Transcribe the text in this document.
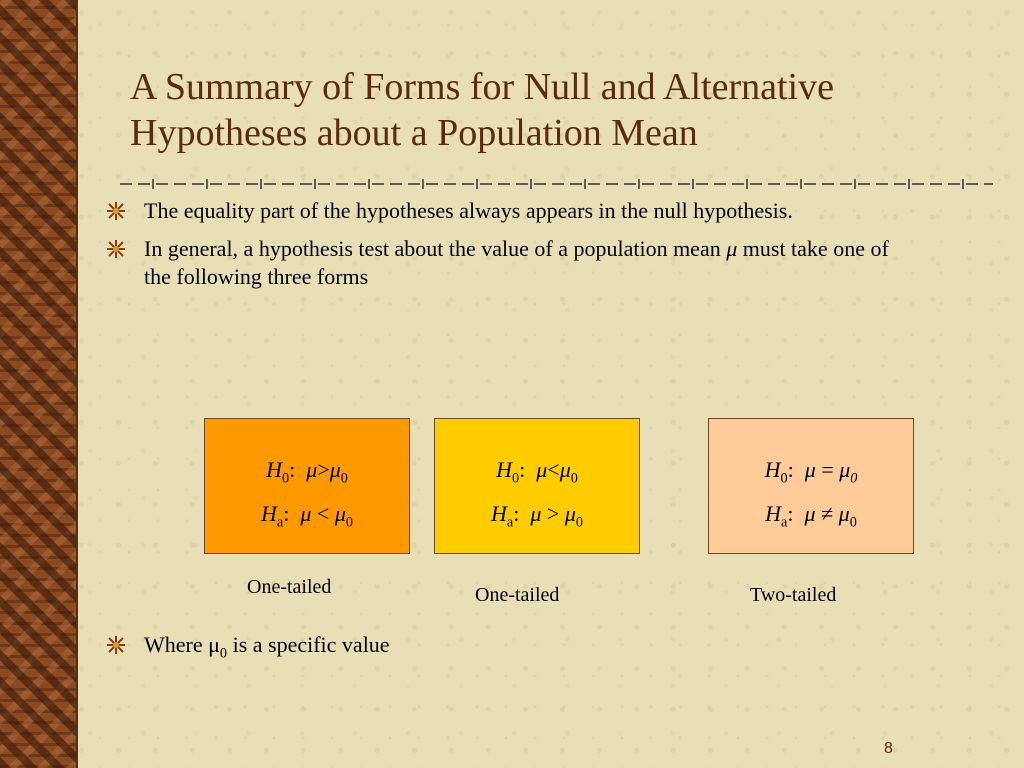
A Summary of Forms for Null and Alternative
Hypotheses about a Population Mean
The equality part of the hypotheses always appears in the null hypothesis.
In general, a hypothesis test about the value of a population mean μ must take one of the following three forms
$H_0$:  $\mu>\mu_0$
$H_a$:  $\mu < \mu_0$
$H_0$:  $\mu<\mu_0$
$H_a$:  $\mu > \mu_0$
$H_0$:  $\mu = \mu_0$
$H_a$:  $\mu \ne \mu_0$
One-tailed	One-tailed	Two-tailed
Where $\mu_0$ is a specific value
8
